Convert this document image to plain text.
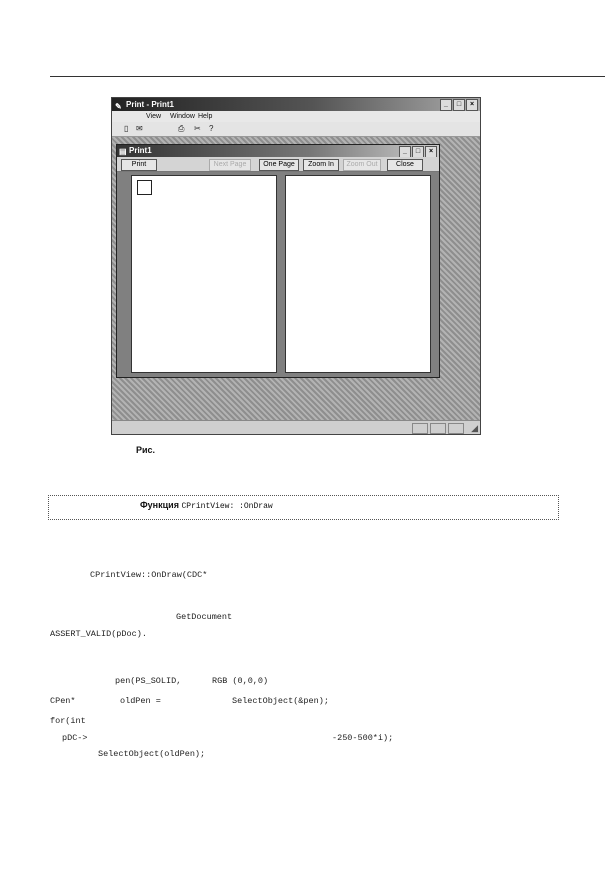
✎ Print - Print1	_	□	×
View Window Help
▯ ✉	⎙ ✂ ?
▤ Print1	_	□	×
Print	Next Page	One Page	Zoom In	Zoom Out	Close
◢
Рис.
Функция CPrintView: :OnDraw
CPrintView::OnDraw(CDC*
GetDocument
ASSERT_VALID(pDoc).
pen(PS_SOLID,	RGB (0,0,0)
CPen*	oldPen =	SelectObject(&pen);
for(int
pDC->	-250-500*i);
SelectObject(oldPen);
